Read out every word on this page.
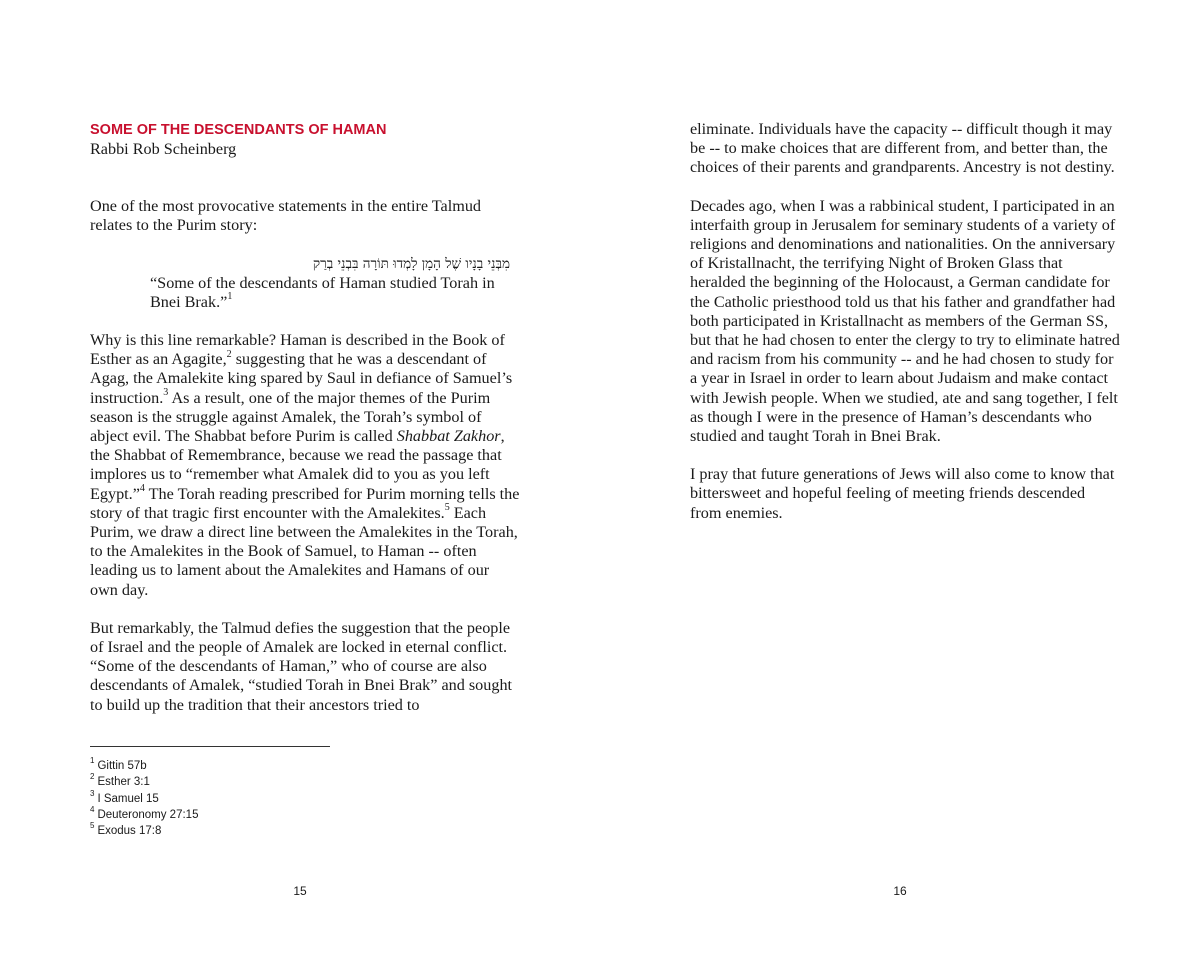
SOME OF THE DESCENDANTS OF HAMAN
Rabbi Rob Scheinberg

One of the most provocative statements in the entire Talmud relates to the Purim story:

מִבְּנֵי בָנָיו שֶׁל הָמָן לָמְדוּ תּוֹרָה בִּבְנֵי בְרַק
“Some of the descendants of Haman studied Torah in Bnei Brak.”$^1$

Why is this line remarkable? Haman is described in the Book of Esther as an Agagite,$^2$ suggesting that he was a descendant of Agag, the Amalekite king spared by Saul in defiance of Samuel’s instruction.$^3$ As a result, one of the major themes of the Purim season is the struggle against Amalek, the Torah’s symbol of abject evil. The Shabbat before Purim is called Shabbat Zakhor, the Shabbat of Remembrance, because we read the passage that implores us to “remember what Amalek did to you as you left Egypt.”$^4$ The Torah reading prescribed for Purim morning tells the story of that tragic first encounter with the Amalekites.$^5$ Each Purim, we draw a direct line between the Amalekites in the Torah, to the Amalekites in the Book of Samuel, to Haman -- often leading us to lament about the Amalekites and Hamans of our own day.

But remarkably, the Talmud defies the suggestion that the people of Israel and the people of Amalek are locked in eternal conflict. “Some of the descendants of Haman,” who of course are also descendants of Amalek, “studied Torah in Bnei Brak” and sought to build up the tradition that their ancestors tried to

$^1$ Gittin 57b
$^2$ Esther 3:1
$^3$ I Samuel 15
$^4$ Deuteronomy 27:15
$^5$ Exodus 17:8
15

eliminate. Individuals have the capacity -- difficult though it may be -- to make choices that are different from, and better than, the choices of their parents and grandparents. Ancestry is not destiny.

Decades ago, when I was a rabbinical student, I participated in an interfaith group in Jerusalem for seminary students of a variety of religions and denominations and nationalities. On the anniversary of Kristallnacht, the terrifying Night of Broken Glass that heralded the beginning of the Holocaust, a German candidate for the Catholic priesthood told us that his father and grandfather had both participated in Kristallnacht as members of the German SS, but that he had chosen to enter the clergy to try to eliminate hatred and racism from his community -- and he had chosen to study for a year in Israel in order to learn about Judaism and make contact with Jewish people. When we studied, ate and sang together, I felt as though I were in the presence of Haman’s descendants who studied and taught Torah in Bnei Brak.

I pray that future generations of Jews will also come to know that bittersweet and hopeful feeling of meeting friends descended from enemies.

16
